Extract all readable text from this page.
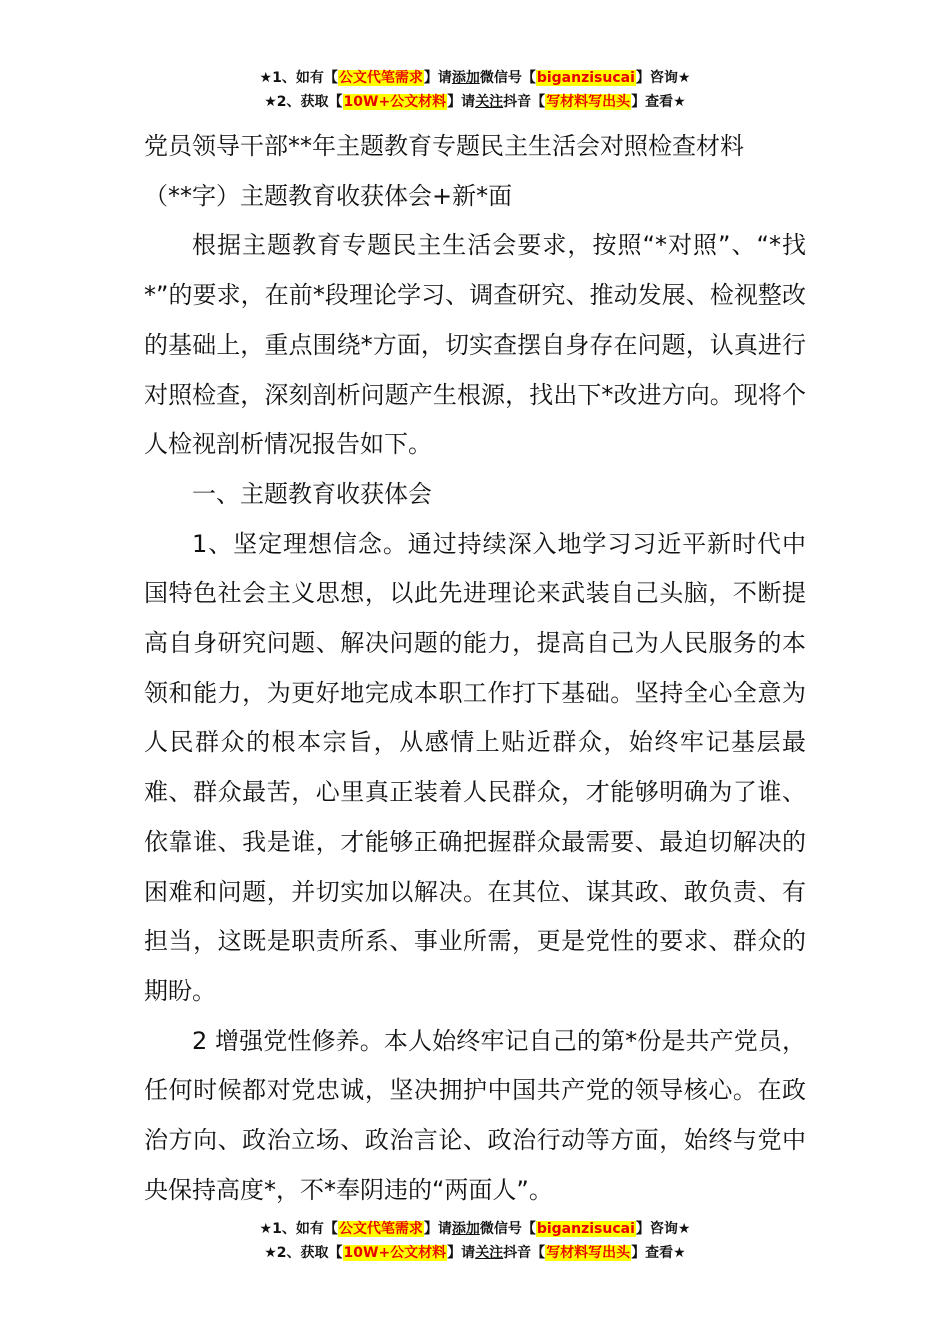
★1、如有【公文代笔需求】请添加微信号【biganzisucai】咨询★
★2、获取【10W+公文材料】请关注抖音【写材料写出头】查看★

党员领导干部**年主题教育专题民主生活会对照检查材料

（**字）主题教育收获体会+新*面

根据主题教育专题民主生活会要求，按照“*对照”、“*找*”的要求，在前*段理论学习、调查研究、推动发展、检视整改的基础上，重点围绕*方面，切实查摆自身存在问题，认真进行对照检查，深刻剖析问题产生根源，找出下*改进方向。现将个人检视剖析情况报告如下。

一、主题教育收获体会

1、坚定理想信念。通过持续深入地学习习近平新时代中国特色社会主义思想，以此先进理论来武装自己头脑，不断提高自身研究问题、解决问题的能力，提高自己为人民服务的本领和能力，为更好地完成本职工作打下基础。坚持全心全意为人民群众的根本宗旨，从感情上贴近群众，始终牢记基层最难、群众最苦，心里真正装着人民群众，才能够明确为了谁、依靠谁、我是谁，才能够正确把握群众最需要、最迫切解决的困难和问题，并切实加以解决。在其位、谋其政、敢负责、有担当，这既是职责所系、事业所需，更是党性的要求、群众的期盼。

2 增强党性修养。本人始终牢记自己的第*份是共产党员，任何时候都对党忠诚，坚决拥护中国共产党的领导核心。在政治方向、政治立场、政治言论、政治行动等方面，始终与党中央保持高度*，不*奉阴违的“两面人”。

★1、如有【公文代笔需求】请添加微信号【biganzisucai】咨询★
★2、获取【10W+公文材料】请关注抖音【写材料写出头】查看★
